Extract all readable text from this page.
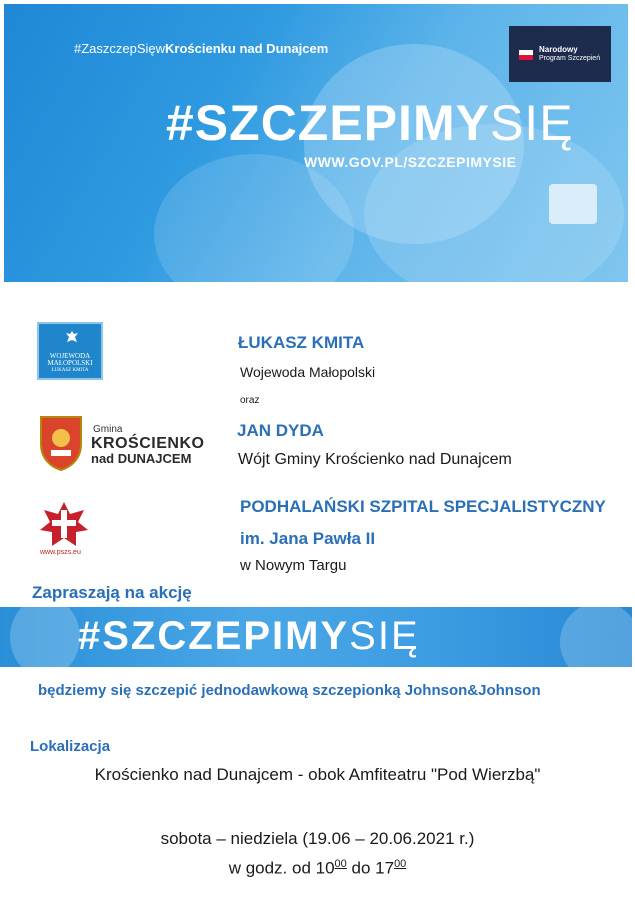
#ZaszczepSięwKrościenku nad Dunajcem	Narodowy
Program Szczepień
#SZCZEPIMYSIĘ
WWW.GOV.PL/SZCZEPIMYSIE
WOJEWODA
MAŁOPOLSKI
ŁUKASZ KMITA
Gmina
KROŚCIENKO
nad DUNAJCEM
www.pszs.eu
ŁUKASZ KMITA
Wojewoda Małopolski
oraz
JAN DYDA
Wójt Gminy Krościenko nad Dunajcem
PODHALAŃSKI SZPITAL SPECJALISTYCZNY
im. Jana Pawła II
w Nowym Targu
Zapraszają na akcję
#SZCZEPIMYSIĘ
będziemy się szczepić jednodawkową szczepionką Johnson&Johnson
Lokalizacja
Krościenko nad Dunajcem - obok Amfiteatru "Pod Wierzbą"
sobota – niedziela (19.06 – 20.06.2021 r.)
w godz. od $10^{00}$ do $17^{00}$
